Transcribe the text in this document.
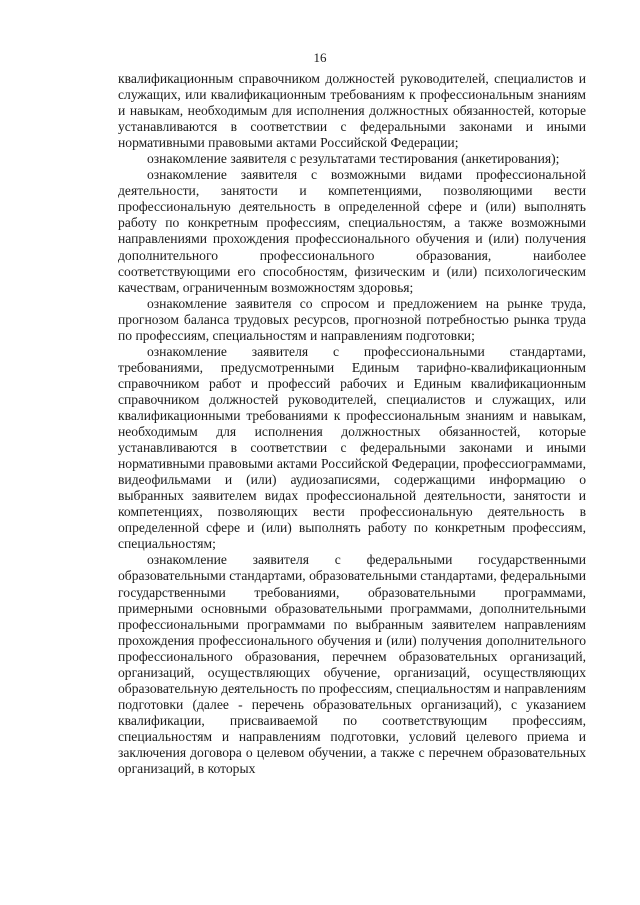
16

квалификационным справочником должностей руководителей, специалистов и служащих, или квалификационным требованиям к профессиональным знаниям и навыкам, необходимым для исполнения должностных обязанностей, которые устанавливаются в соответствии с федеральными законами и иными нормативными правовыми актами Российской Федерации;

ознакомление заявителя с результатами тестирования (анкетирования);

ознакомление заявителя с возможными видами профессиональной деятельности, занятости и компетенциями, позволяющими вести профессиональную деятельность в определенной сфере и (или) выполнять работу по конкретным профессиям, специальностям, а также возможными направлениями прохождения профессионального обучения и (или) получения дополнительного профессионального образования, наиболее соответствующими его способностям, физическим и (или) психологическим качествам, ограниченным возможностям здоровья;

ознакомление заявителя со спросом и предложением на рынке труда, прогнозом баланса трудовых ресурсов, прогнозной потребностью рынка труда по профессиям, специальностям и направлениям подготовки;

ознакомление заявителя с профессиональными стандартами, требованиями, предусмотренными Единым тарифно-квалификационным справочником работ и профессий рабочих и Единым квалификационным справочником должностей руководителей, специалистов и служащих, или квалификационными требованиями к профессиональным знаниям и навыкам, необходимым для исполнения должностных обязанностей, которые устанавливаются в соответствии с федеральными законами и иными нормативными правовыми актами Российской Федерации, профессиограммами, видеофильмами и (или) аудиозаписями, содержащими информацию о выбранных заявителем видах профессиональной деятельности, занятости и компетенциях, позволяющих вести профессиональную деятельность в определенной сфере и (или) выполнять работу по конкретным профессиям, специальностям;

ознакомление заявителя с федеральными государственными образовательными стандартами, образовательными стандартами, федеральными государственными требованиями, образовательными программами, примерными основными образовательными программами, дополнительными профессиональными программами по выбранным заявителем направлениям прохождения профессионального обучения и (или) получения дополнительного профессионального образования, перечнем образовательных организаций, организаций, осуществляющих обучение, организаций, осуществляющих образовательную деятельность по профессиям, специальностям и направлениям подготовки (далее - перечень образовательных организаций), с указанием квалификации, присваиваемой по соответствующим профессиям, специальностям и направлениям подготовки, условий целевого приема и заключения договора о целевом обучении, а также с перечнем образовательных организаций, в которых
